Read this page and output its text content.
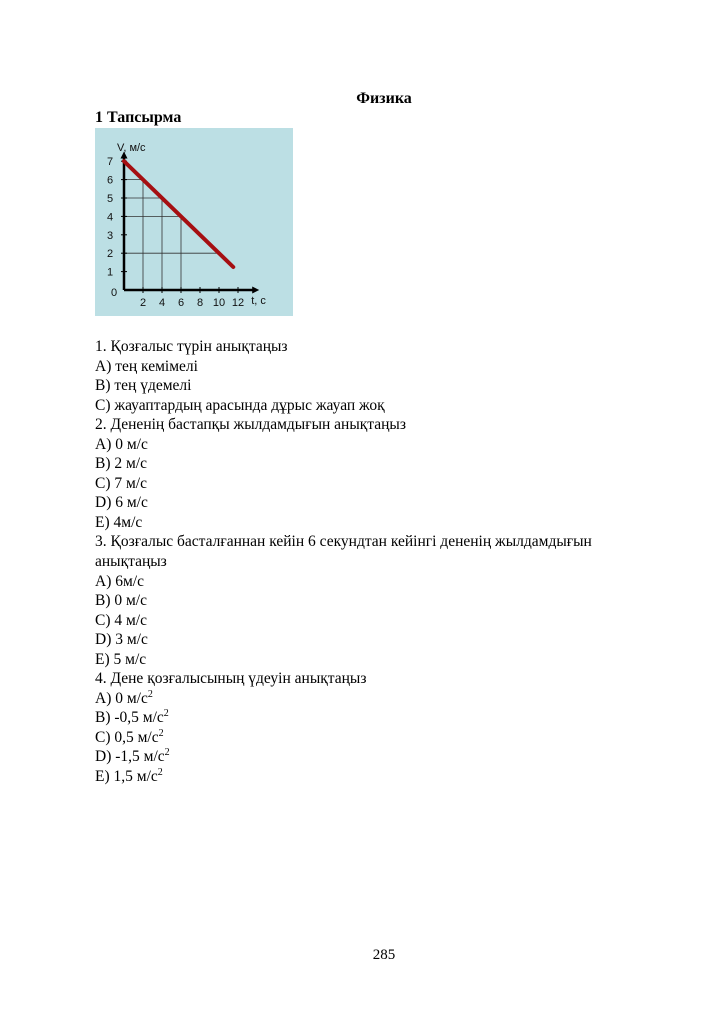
Физика
1 Тапсырма
2 4 6 8 10 12
1
2
3
4
5
6
7
0
V, м/с
t, с
1. Қозғалыс түрін анықтаңыз
A) тең кемімелі
B) тең үдемелі
C) жауаптардың арасында дұрыс жауап жоқ
2. Дененің бастапқы жылдамдығын анықтаңыз
A) 0 м/с
B) 2 м/с
C) 7 м/с
D) 6 м/с
E) 4м/с
3. Қозғалыс басталғаннан кейін 6 секундтан кейінгі дененің жылдамдығын
анықтаңыз
A) 6м/с
B) 0 м/с
C) 4 м/с
D) 3 м/с
E) 5 м/с
4. Дене қозғалысының үдеуін анықтаңыз
A) 0 $м/с^2$
B) -0,5 $м/с^2$
C) 0,5 $м/с^2$
D) -1,5 $м/с^2$
E) 1,5 $м/с^2$
285
